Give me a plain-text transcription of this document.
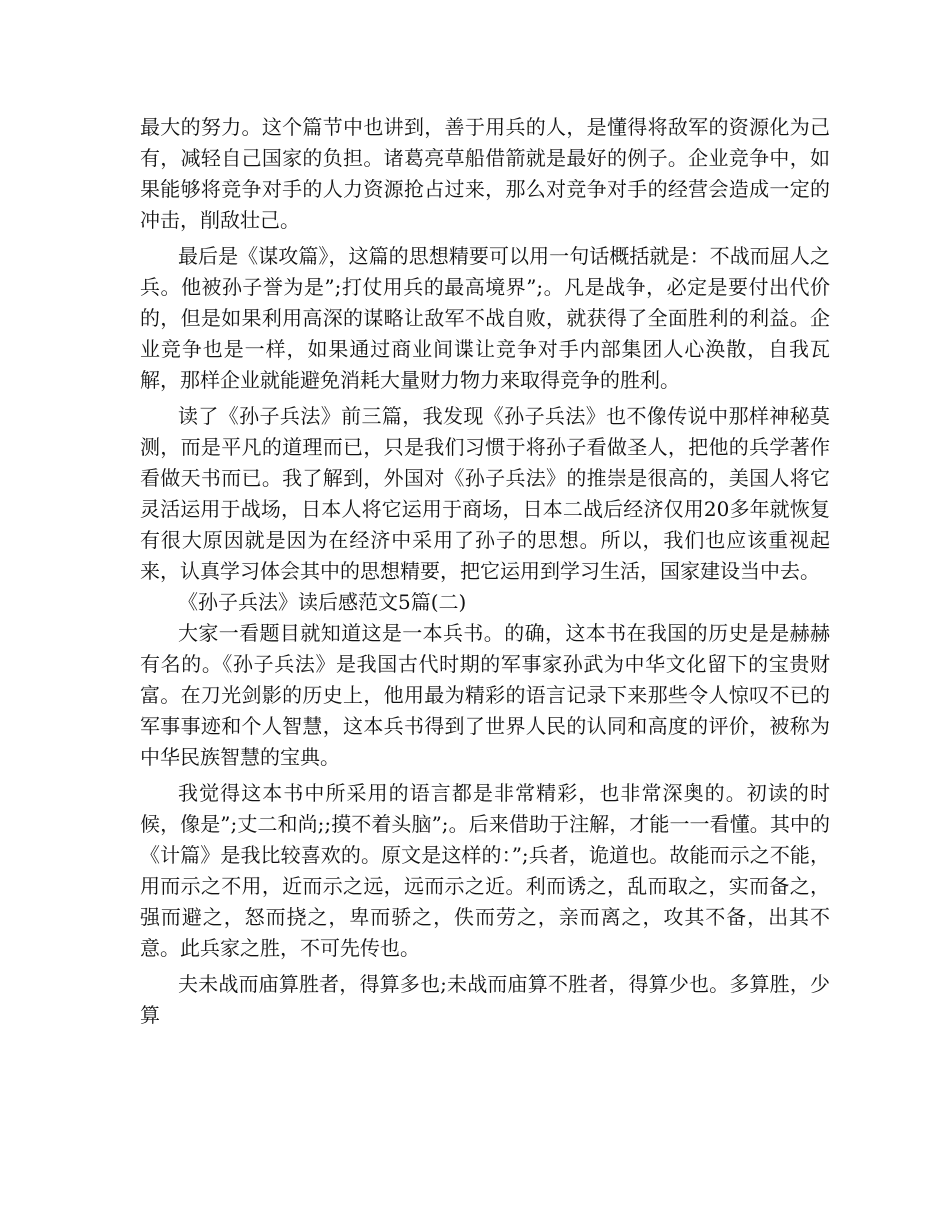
最大的努力。这个篇节中也讲到，善于用兵的人，是懂得将敌军的资源化为己有，减轻自己国家的负担。诸葛亮草船借箭就是最好的例子。企业竞争中，如果能够将竞争对手的人力资源抢占过来，那么对竞争对手的经营会造成一定的冲击，削敌壮己。

最后是《谋攻篇》，这篇的思想精要可以用一句话概括就是：不战而屈人之兵。他被孙子誉为是”;打仗用兵的最高境界”;。凡是战争，必定是要付出代价的，但是如果利用高深的谋略让敌军不战自败，就获得了全面胜利的利益。企业竞争也是一样，如果通过商业间谍让竞争对手内部集团人心涣散，自我瓦解，那样企业就能避免消耗大量财力物力来取得竞争的胜利。

读了《孙子兵法》前三篇，我发现《孙子兵法》也不像传说中那样神秘莫测，而是平凡的道理而已，只是我们习惯于将孙子看做圣人，把他的兵学著作看做天书而已。我了解到，外国对《孙子兵法》的推崇是很高的，美国人将它灵活运用于战场，日本人将它运用于商场，日本二战后经济仅用20多年就恢复有很大原因就是因为在经济中采用了孙子的思想。所以，我们也应该重视起来，认真学习体会其中的思想精要，把它运用到学习生活，国家建设当中去。

《孙子兵法》读后感范文5篇(二)

大家一看题目就知道这是一本兵书。的确，这本书在我国的历史是是赫赫有名的。《孙子兵法》是我国古代时期的军事家孙武为中华文化留下的宝贵财富。在刀光剑影的历史上，他用最为精彩的语言记录下来那些令人惊叹不已的军事事迹和个人智慧，这本兵书得到了世界人民的认同和高度的评价，被称为中华民族智慧的宝典。

我觉得这本书中所采用的语言都是非常精彩，也非常深奥的。初读的时候，像是”;丈二和尚;;摸不着头脑”;。后来借助于注解，才能一一看懂。其中的《计篇》是我比较喜欢的。原文是这样的：”;兵者，诡道也。故能而示之不能，用而示之不用，近而示之远，远而示之近。利而诱之，乱而取之，实而备之，强而避之，怒而挠之，卑而骄之，佚而劳之，亲而离之，攻其不备，出其不意。此兵家之胜，不可先传也。

夫未战而庙算胜者，得算多也;未战而庙算不胜者，得算少也。多算胜，少算
